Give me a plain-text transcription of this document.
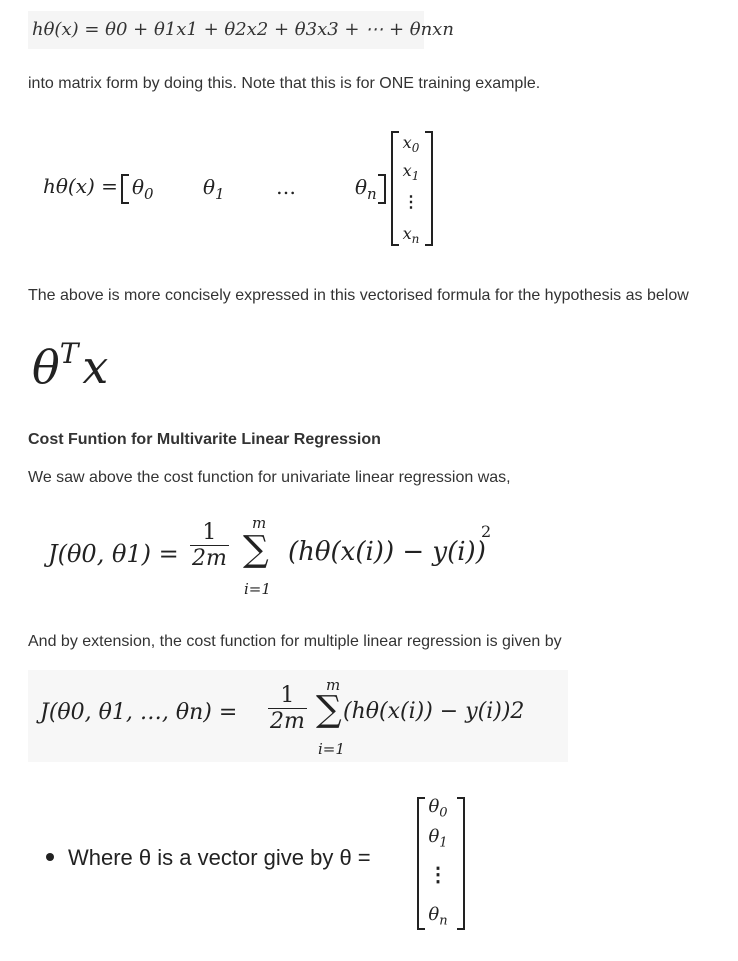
hθ(x) = θ0 + θ1x1 + θ2x2 + θ3x3 + ⋯ + θnxn
into matrix form by doing this. Note that this is for ONE training example.
$h\theta(x) = \theta_0$ $\theta_1$	…	$\theta_n$
$x_0$
$x_1$
⋮
$x_n$
The above is more concisely expressed in this vectorised formula for the hypothesis as below
$\theta^Tx$
Cost Funtion for Multivarite Linear Regression
We saw above the cost function for univariate linear regression was,
J(θ0, $\theta 1) = \frac{1}{2m}$ m
∑
i=1
(hθ(x(i)) − y(i))
2
And by extension, the cost function for multiple linear regression is given by
J(θ0, θ1, …, $\theta n) = \frac{1}{2m}$ m
∑
i=1
(hθ(x(i)) − y(i))2
Where θ is a vector give by θ =
$\theta_0$
$\theta_1$
⋮
$\theta_n$
